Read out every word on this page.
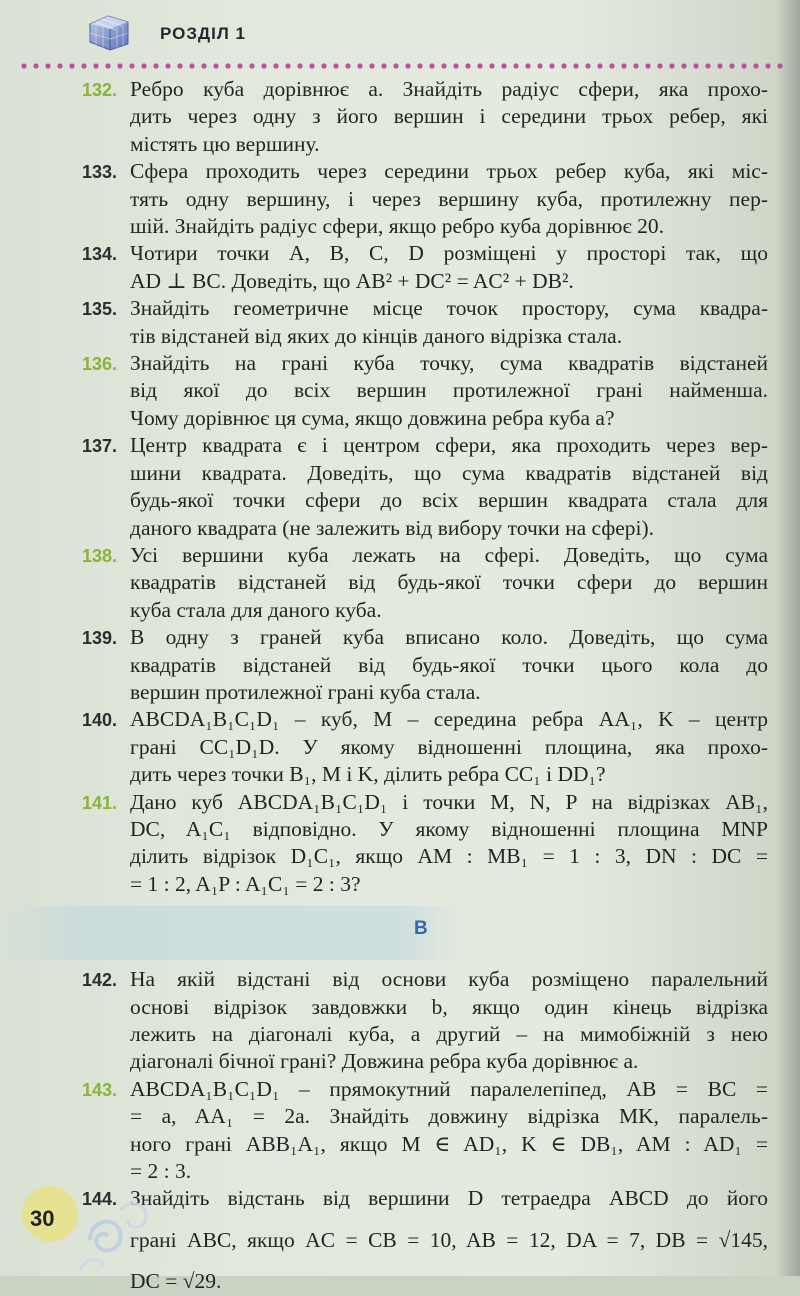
РОЗДІЛ 1
132. Ребро куба дорівнює a. Знайдіть радіус сфери, яка прохо-
дить через одну з його вершин і середини трьох ребер, які
містять цю вершину.
133. Сфера проходить через середини трьох ребер куба, які міс-
тять одну вершину, і через вершину куба, протилежну пер-
шій. Знайдіть радіус сфери, якщо ребро куба дорівнює 20.
134. Чотири точки A, B, C, D розміщені у просторі так, що
AD ⊥ BC. Доведіть, що AB² + DC² = AC² + DB².
135. Знайдіть геометричне місце точок простору, сума квадра-
тів відстаней від яких до кінців даного відрізка стала.
136. Знайдіть на грані куба точку, сума квадратів відстаней
від якої до всіх вершин протилежної грані найменша.
Чому дорівнює ця сума, якщо довжина ребра куба a?
137. Центр квадрата є і центром сфери, яка проходить через вер-
шини квадрата. Доведіть, що сума квадратів відстаней від
будь-якої точки сфери до всіх вершин квадрата стала для
даного квадрата (не залежить від вибору точки на сфері).
138. Усі вершини куба лежать на сфері. Доведіть, що сума
квадратів відстаней від будь-якої точки сфери до вершин
куба стала для даного куба.
139. В одну з граней куба вписано коло. Доведіть, що сума
квадратів відстаней від будь-якої точки цього кола до
вершин протилежної грані куба стала.
140. ABCDA₁B₁C₁D₁ – куб, M – середина ребра AA₁, K – центр
грані CC₁D₁D. У якому відношенні площина, яка прохо-
дить через точки B₁, M і K, ділить ребра CC₁ і DD₁?
141. Дано куб ABCDA₁B₁C₁D₁ і точки M, N, P на відрізках AB₁,
DC, A₁C₁ відповідно. У якому відношенні площина MNP
ділить відрізок D₁C₁, якщо AM : MB₁ = 1 : 3, DN : DC =
= 1 : 2, A₁P : A₁C₁ = 2 : 3?
В
142. На якій відстані від основи куба розміщено паралельний
основі відрізок завдовжки b, якщо один кінець відрізка
лежить на діагоналі куба, а другий – на мимобіжній з нею
діагоналі бічної грані? Довжина ребра куба дорівнює a.
143. ABCDA₁B₁C₁D₁ – прямокутний паралелепіпед, AB = BC =
= a, AA₁ = 2a. Знайдіть довжину відрізка MK, паралель-
ного грані ABB₁A₁, якщо M ∈ AD₁, K ∈ DB₁, AM : AD₁ =
= 2 : 3.
144. Знайдіть відстань від вершини D тетраедра ABCD до його
грані ABC, якщо AC = CB = 10, AB = 12, DA = 7, DB = √145,
DC = √29.
30
